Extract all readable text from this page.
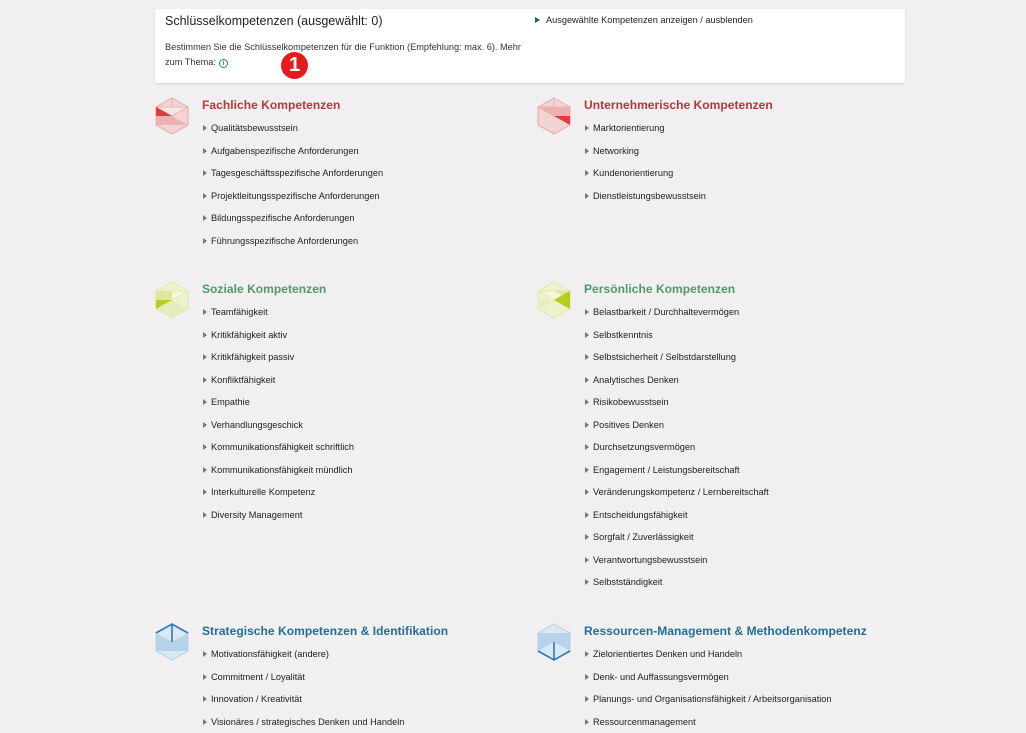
Schlüsselkompetenzen (ausgewählt: 0)
Bestimmen Sie die Schlüsselkompetenzen für die Funktion (Empfehlung: max. 6). Mehr zum Thema: i	1
Ausgewählte Kompetenzen anzeigen / ausblenden
Fachliche Kompetenzen
Qualitätsbewusstsein
Aufgabenspezifische Anforderungen
Tagesgeschäftsspezifische Anforderungen
Projektleitungsspezifische Anforderungen
Bildungsspezifische Anforderungen
Führungsspezifische Anforderungen
Unternehmerische Kompetenzen
Marktorientierung
Networking
Kundenorientierung
Dienstleistungsbewusstsein
Soziale Kompetenzen
Teamfähigkeit
Kritikfähigkeit aktiv
Kritikfähigkeit passiv
Konfliktfähigkeit
Empathie
Verhandlungsgeschick
Kommunikationsfähigkeit schriftlich
Kommunikationsfähigkeit mündlich
Interkulturelle Kompetenz
Diversity Management
Persönliche Kompetenzen
Belastbarkeit / Durchhaltevermögen
Selbstkenntnis
Selbstsicherheit / Selbstdarstellung
Analytisches Denken
Risikobewusstsein
Positives Denken
Durchsetzungsvermögen
Engagement / Leistungsbereitschaft
Veränderungskompetenz / Lernbereitschaft
Entscheidungsfähigkeit
Sorgfalt / Zuverlässigkeit
Verantwortungsbewusstsein
Selbstständigkeit
Strategische Kompetenzen & Identifikation
Motivationsfähigkeit (andere)
Commitment / Loyalität
Innovation / Kreativität
Visionäres / strategisches Denken und Handeln
Ressourcen-Management & Methodenkompetenz
Zielorientiertes Denken und Handeln
Denk- und Auffassungsvermögen
Planungs- und Organisationsfähigkeit / Arbeitsorganisation
Ressourcenmanagement
